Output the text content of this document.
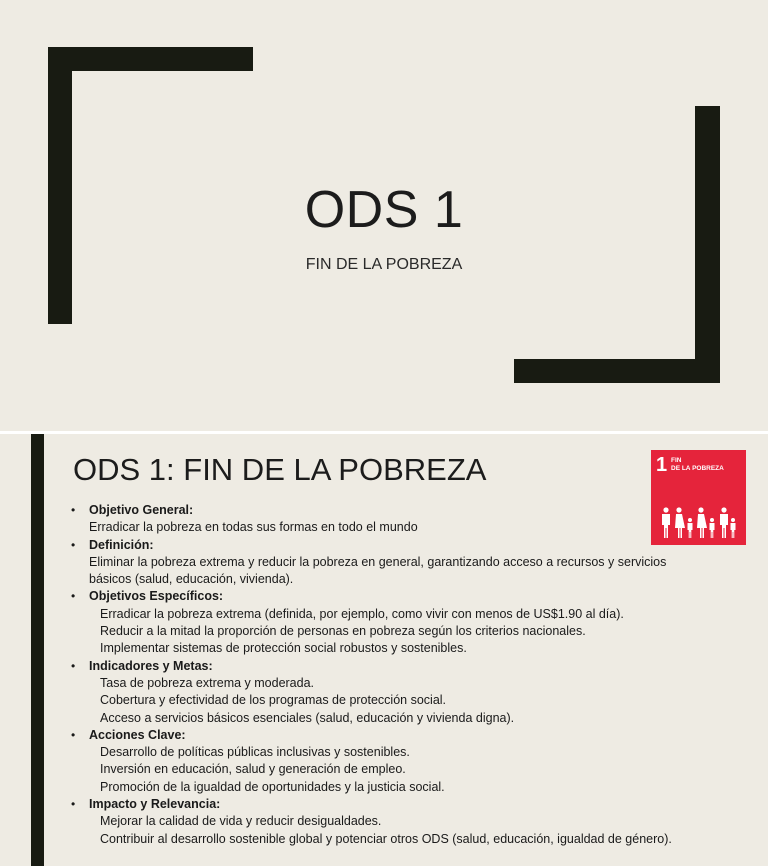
ODS 1
FIN DE LA POBREZA
ODS 1: FIN DE LA POBREZA	1 FIN
DE LA POBREZA
• Objetivo General:
Erradicar la pobreza en todas sus formas en todo el mundo
• Definición:
Eliminar la pobreza extrema y reducir la pobreza en general, garantizando acceso a recursos y servicios
básicos (salud, educación, vivienda).
• Objetivos Específicos:
Erradicar la pobreza extrema (definida, por ejemplo, como vivir con menos de US$1.90 al día).
Reducir a la mitad la proporción de personas en pobreza según los criterios nacionales.
Implementar sistemas de protección social robustos y sostenibles.
• Indicadores y Metas:
Tasa de pobreza extrema y moderada.
Cobertura y efectividad de los programas de protección social.
Acceso a servicios básicos esenciales (salud, educación y vivienda digna).
• Acciones Clave:
Desarrollo de políticas públicas inclusivas y sostenibles.
Inversión en educación, salud y generación de empleo.
Promoción de la igualdad de oportunidades y la justicia social.
• Impacto y Relevancia:
Mejorar la calidad de vida y reducir desigualdades.
Contribuir al desarrollo sostenible global y potenciar otros ODS (salud, educación, igualdad de género).
